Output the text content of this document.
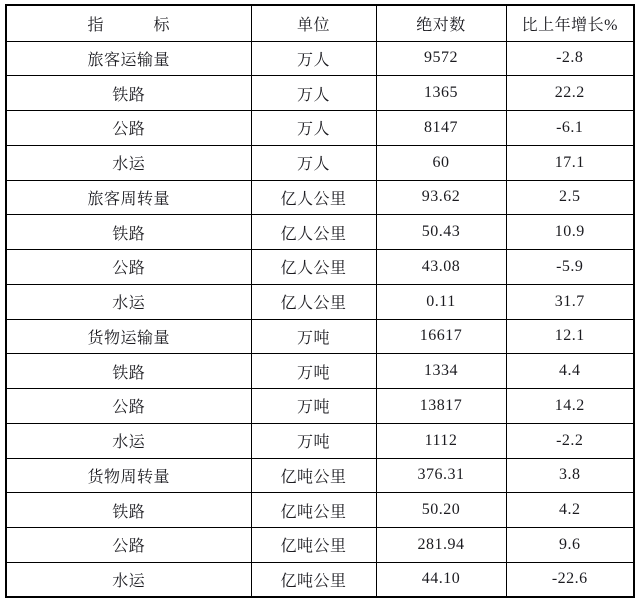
指　　　标	单位	绝对数	比上年增长%
旅客运输量	万人	9572	-2.8
铁路	万人	1365	22.2
公路	万人	8147	-6.1
水运	万人	60	17.1
旅客周转量	亿人公里	93.62	2.5
铁路	亿人公里	50.43	10.9
公路	亿人公里	43.08	-5.9
水运	亿人公里	0.11	31.7
货物运输量	万吨	16617	12.1
铁路	万吨	1334	4.4
公路	万吨	13817	14.2
水运	万吨	1112	-2.2
货物周转量	亿吨公里	376.31	3.8
铁路	亿吨公里	50.20	4.2
公路	亿吨公里	281.94	9.6
水运	亿吨公里	44.10	-22.6
